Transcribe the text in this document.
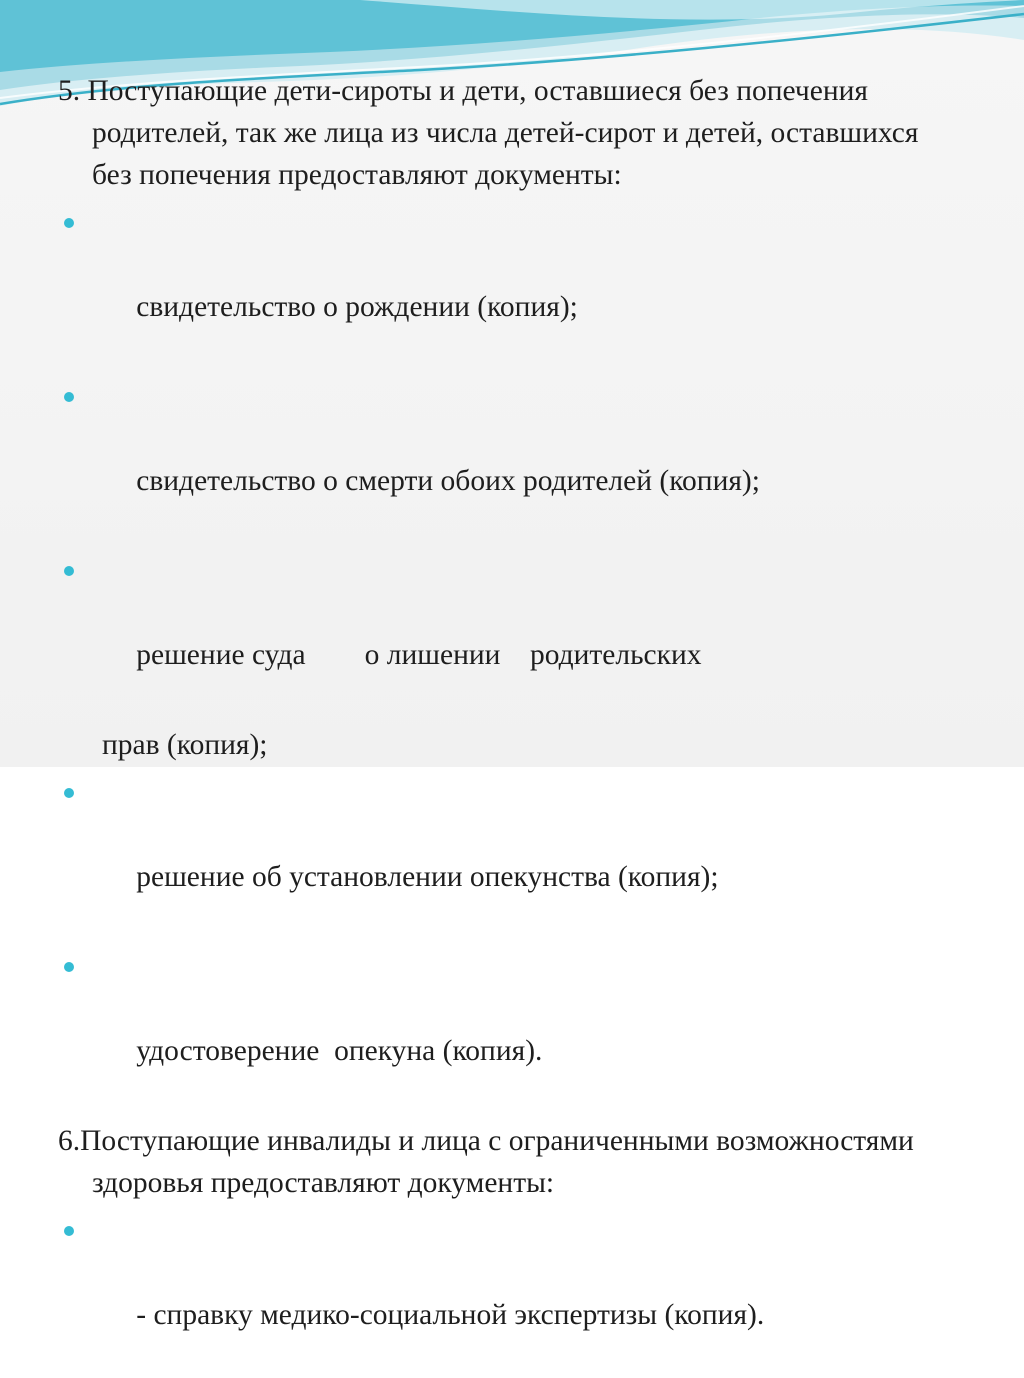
5. Поступающие дети-сироты и дети, оставшиеся без попечения родителей, так же лица из числа детей-сирот и детей, оставшихся без попечения предоставляют документы:

свидетельство о рождении (копия);

свидетельство о смерти обоих родителей (копия);

решение суда        о лишении    родительских

прав (копия);

решение об установлении опекунства (копия);

удостоверение  опекуна (копия).

6.Поступающие инвалиды и лица с ограниченными возможностями здоровья предоставляют документы:

- справку медико-социальной экспертизы (копия).
